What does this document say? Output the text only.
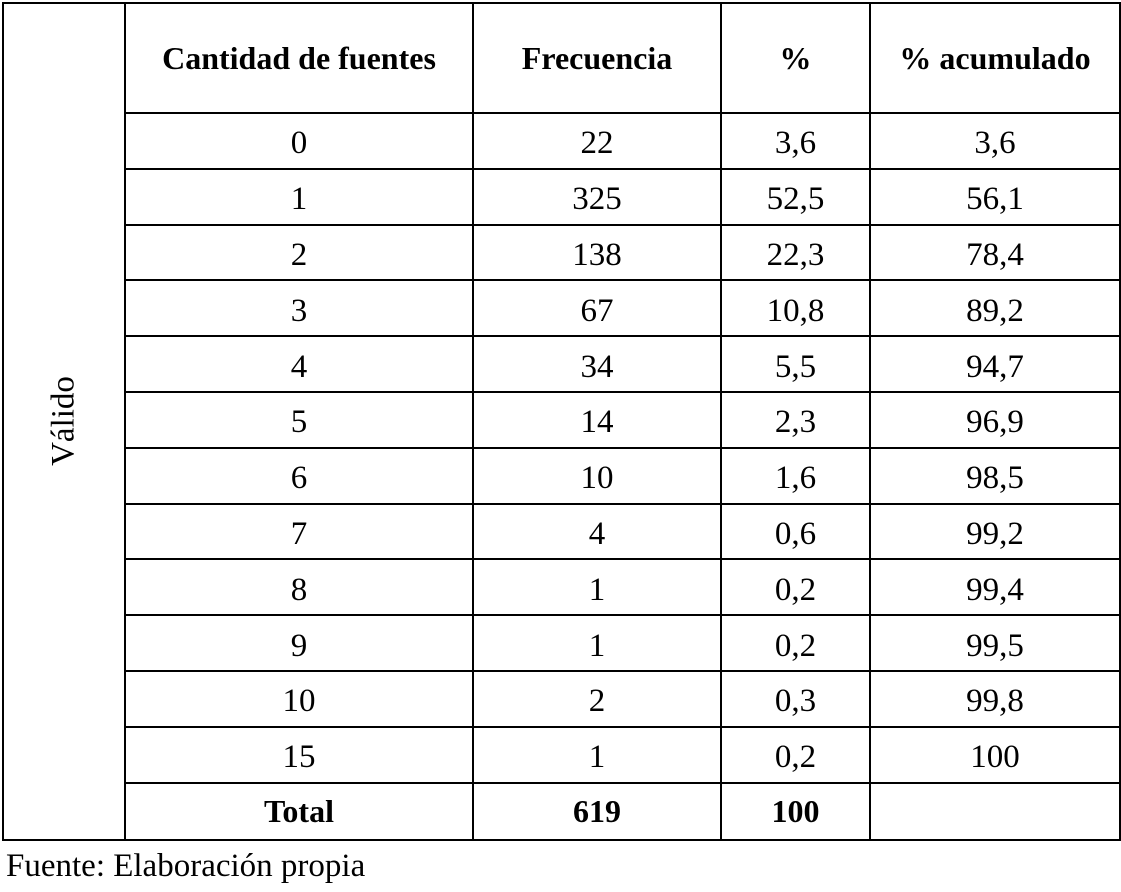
Válido	Cantidad de fuentes	Frecuencia	%	% acumulado
	0	22	3,6	3,6
	1	325	52,5	56,1
	2	138	22,3	78,4
	3	67	10,8	89,2
	4	34	5,5	94,7
	5	14	2,3	96,9
	6	10	1,6	98,5
	7	4	0,6	99,2
	8	1	0,2	99,4
	9	1	0,2	99,5
	10	2	0,3	99,8
	15	1	0,2	100
	Total	619	100	
Fuente: Elaboración propia
